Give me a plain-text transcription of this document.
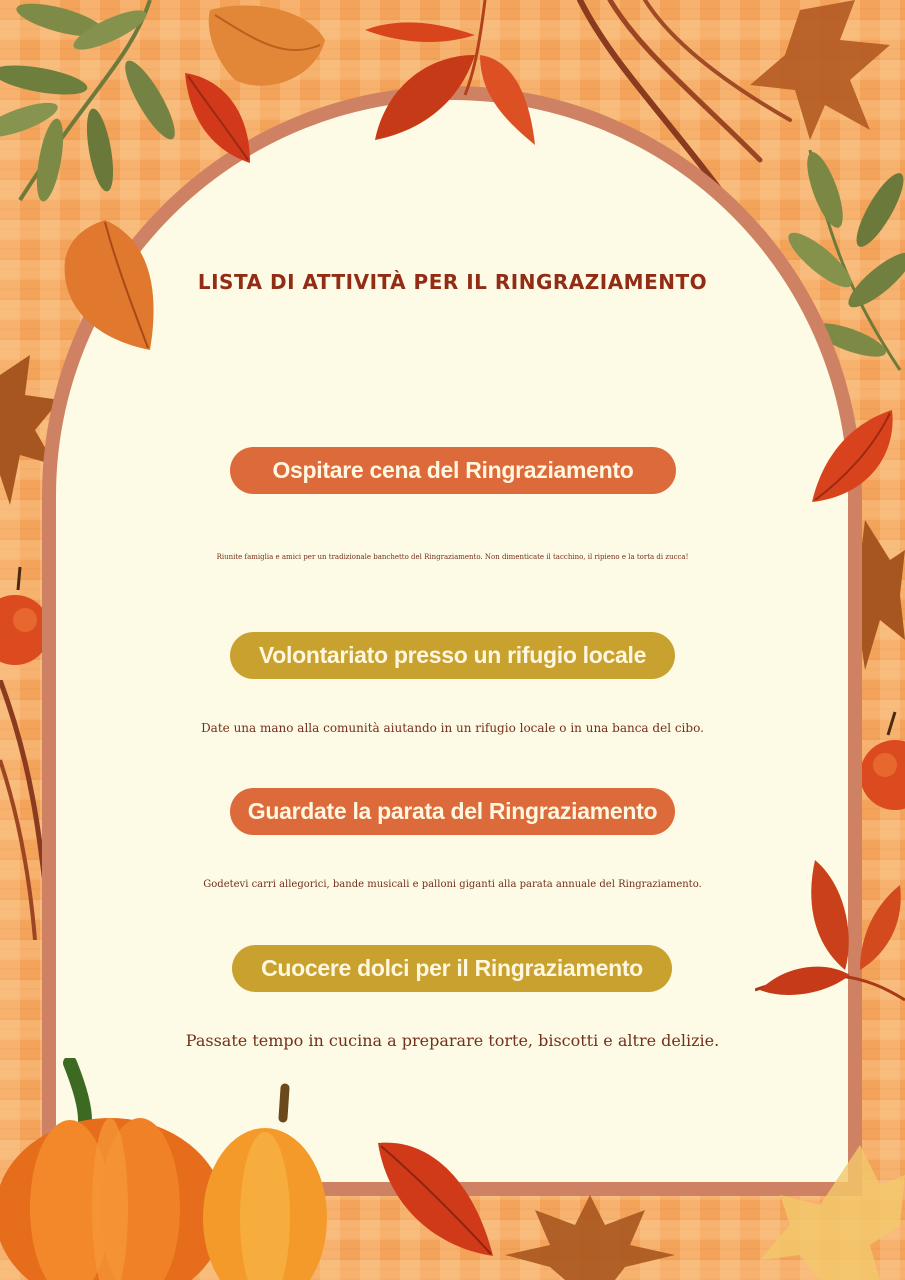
LISTA DI ATTIVITÀ PER IL RINGRAZIAMENTO
Ospitare cena del Ringraziamento

Riunite famiglia e amici per un tradizionale banchetto del Ringraziamento. Non dimenticate il tacchino, il ripieno e la torta di zucca!

Volontariato presso un rifugio locale

Date una mano alla comunità aiutando in un rifugio locale o in una banca del cibo.

Guardate la parata del Ringraziamento

Godetevi carri allegorici, bande musicali e palloni giganti alla parata annuale del Ringraziamento.

Cuocere dolci per il Ringraziamento

Passate tempo in cucina a preparare torte, biscotti e altre delizie.
